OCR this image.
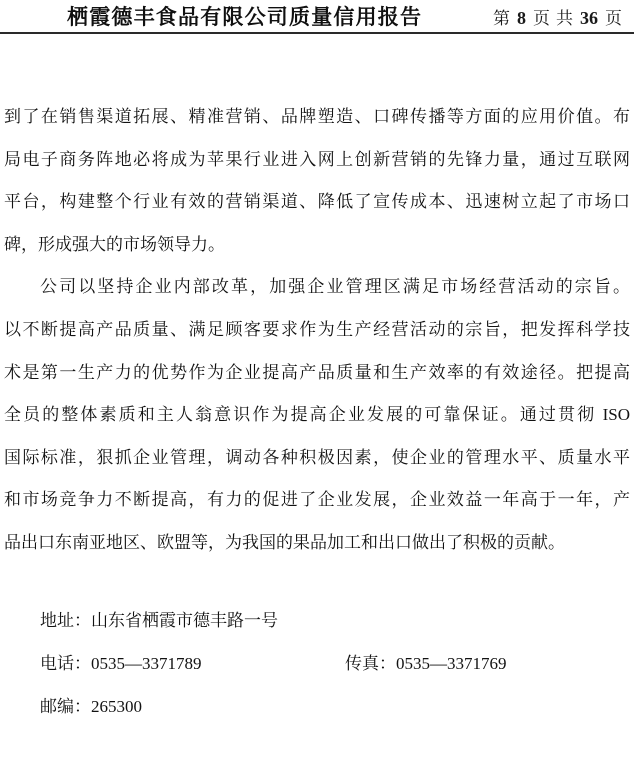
栖霞德丰食品有限公司质量信用报告	第 8 页 共 36 页
到了在销售渠道拓展、精准营销、品牌塑造、口碑传播等方面的应用价值。布
局电子商务阵地必将成为苹果行业进入网上创新营销的先锋力量，通过互联网
平台，构建整个行业有效的营销渠道、降低了宣传成本、迅速树立起了市场口
碑，形成强大的市场领导力。
公司以坚持企业内部改革，加强企业管理区满足市场经营活动的宗旨。
以不断提高产品质量、满足顾客要求作为生产经营活动的宗旨，把发挥科学技
术是第一生产力的优势作为企业提高产品质量和生产效率的有效途径。把提高
全员的整体素质和主人翁意识作为提高企业发展的可靠保证。通过贯彻 ISO
国际标准，狠抓企业管理，调动各种积极因素，使企业的管理水平、质量水平
和市场竞争力不断提高，有力的促进了企业发展，企业效益一年高于一年，产
品出口东南亚地区、欧盟等，为我国的果品加工和出口做出了积极的贡献。
地址：山东省栖霞市德丰路一号
电话：0535—3371789	传真：0535—3371769
邮编：265300
